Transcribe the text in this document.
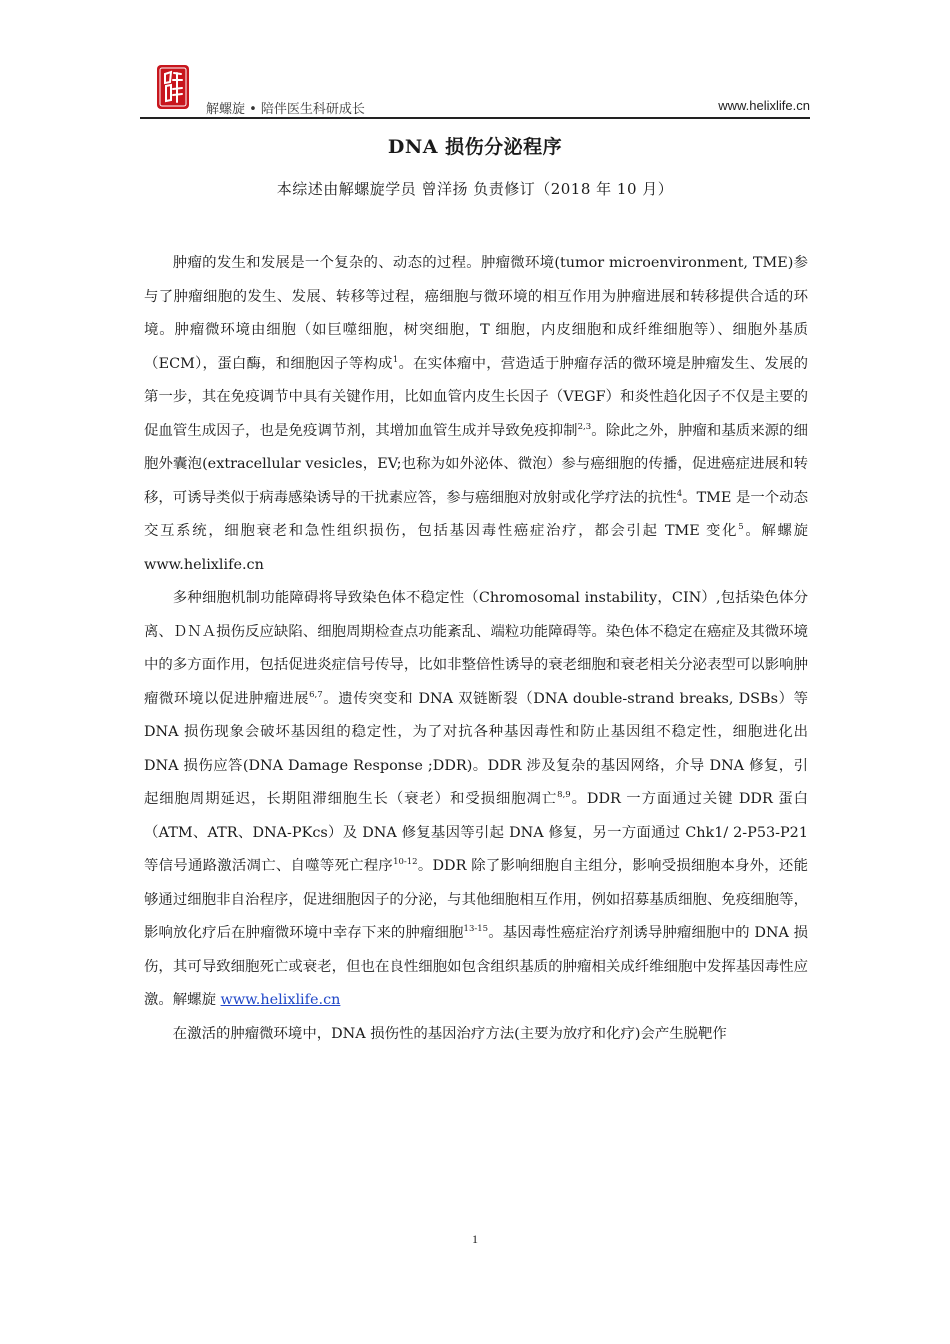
解螺旋 • 陪伴医生科研成长	www.helixlife.cn
DNA 损伤分泌程序
本综述由解螺旋学员 曾洋扬 负责修订（2018 年 10 月）

肿瘤的发生和发展是一个复杂的、动态的过程。肿瘤微环境(tumor microenvironment, TME)参与了肿瘤细胞的发生、发展、转移等过程，癌细胞与微环境的相互作用为肿瘤进展和转移提供合适的环境。肿瘤微环境由细胞（如巨噬细胞，树突细胞，T 细胞，内皮细胞和成纤维细胞等）、细胞外基质（ECM），蛋白酶，和细胞因子等构成$^1$。在实体瘤中，营造适于肿瘤存活的微环境是肿瘤发生、发展的第一步，其在免疫调节中具有关键作用，比如血管内皮生长因子（VEGF）和炎性趋化因子不仅是主要的促血管生成因子，也是免疫调节剂，其增加血管生成并导致免疫抑制$^{2,3}$。除此之外，肿瘤和基质来源的细胞外囊泡(extracellular vesicles，EV;也称为如外泌体、微泡）参与癌细胞的传播，促进癌症进展和转移，可诱导类似于病毒感染诱导的干扰素应答，参与癌细胞对放射或化学疗法的抗性$^4$。TME 是一个动态交互系统，细胞衰老和急性组织损伤，包括基因毒性癌症治疗，都会引起 TME 变化$^5$。解螺旋 www.helixlife.cn

多种细胞机制功能障碍将导致染色体不稳定性（Chromosomal instability，CIN）,包括染色体分离、ＤＮＡ损伤反应缺陷、细胞周期检查点功能紊乱、端粒功能障碍等。染色体不稳定在癌症及其微环境中的多方面作用，包括促进炎症信号传导，比如非整倍性诱导的衰老细胞和衰老相关分泌表型可以影响肿瘤微环境以促进肿瘤进展$^{6,7}$。遗传突变和 DNA 双链断裂（DNA double-strand breaks, DSBs）等 DNA 损伤现象会破坏基因组的稳定性，为了对抗各种基因毒性和防止基因组不稳定性，细胞进化出 DNA 损伤应答(DNA Damage Response ;DDR)。DDR 涉及复杂的基因网络，介导 DNA 修复，引起细胞周期延迟，长期阻滞细胞生长（衰老）和受损细胞凋亡$^{8,9}$。DDR 一方面通过关键 DDR 蛋白（ATM、ATR、DNA-PKcs）及 DNA 修复基因等引起 DNA 修复，另一方面通过 Chk1/ 2-P53-P21 等信号通路激活凋亡、自噬等死亡程序$^{10-12}$。DDR 除了影响细胞自主组分，影响受损细胞本身外，还能够通过细胞非自治程序，促进细胞因子的分泌，与其他细胞相互作用，例如招募基质细胞、免疫细胞等，影响放化疗后在肿瘤微环境中幸存下来的肿瘤细胞$^{13-15}$。基因毒性癌症治疗剂诱导肿瘤细胞中的 DNA 损伤，其可导致细胞死亡或衰老，但也在良性细胞如包含组织基质的肿瘤相关成纤维细胞中发挥基因毒性应激。解螺旋 www.helixlife.cn

在激活的肿瘤微环境中，DNA 损伤性的基因治疗方法(主要为放疗和化疗)会产生脱靶作

1
